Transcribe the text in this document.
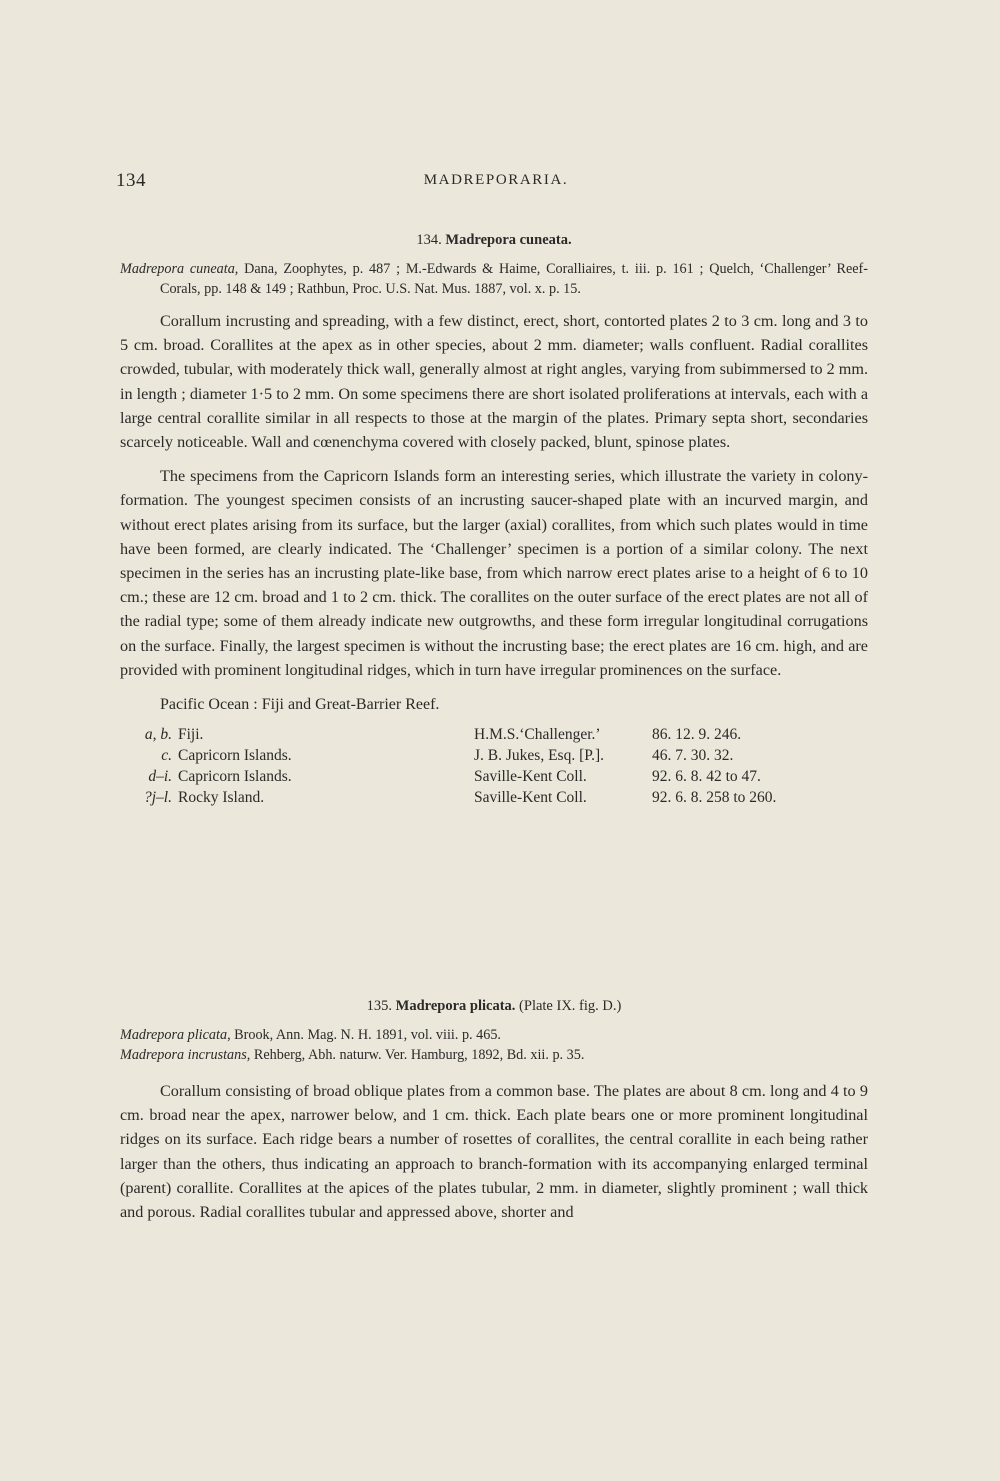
134	MADREPORARIA.

134. Madrepora cuneata.

Madrepora cuneata, Dana, Zoophytes, p. 487 ; M.-Edwards & Haime, Coralliaires, t. iii. p. 161 ; Quelch, ‘Challenger’ Reef-Corals, pp. 148 & 149 ; Rathbun, Proc. U.S. Nat. Mus. 1887, vol. x. p. 15.

Corallum incrusting and spreading, with a few distinct, erect, short, contorted plates 2 to 3 cm. long and 3 to 5 cm. broad. Corallites at the apex as in other species, about 2 mm. diameter; walls confluent. Radial corallites crowded, tubular, with moderately thick wall, generally almost at right angles, varying from subimmersed to 2 mm. in length ; diameter 1·5 to 2 mm. On some specimens there are short isolated proliferations at intervals, each with a large central corallite similar in all respects to those at the margin of the plates. Primary septa short, secondaries scarcely noticeable. Wall and cœnenchyma covered with closely packed, blunt, spinose plates.

The specimens from the Capricorn Islands form an interesting series, which illustrate the variety in colony-formation. The youngest specimen consists of an incrusting saucer-shaped plate with an incurved margin, and without erect plates arising from its surface, but the larger (axial) corallites, from which such plates would in time have been formed, are clearly indicated. The ‘Challenger’ specimen is a portion of a similar colony. The next specimen in the series has an incrusting plate-like base, from which narrow erect plates arise to a height of 6 to 10 cm.; these are 12 cm. broad and 1 to 2 cm. thick. The corallites on the outer surface of the erect plates are not all of the radial type; some of them already indicate new outgrowths, and these form irregular longitudinal corrugations on the surface. Finally, the largest specimen is without the incrusting base; the erect plates are 16 cm. high, and are provided with prominent longitudinal ridges, which in turn have irregular prominences on the surface.

Pacific Ocean : Fiji and Great-Barrier Reef.

a, b.	Fiji.	H.M.S.‘Challenger.’	86. 12. 9. 246.
c.	Capricorn Islands.	J. B. Jukes, Esq. [P.].	46. 7. 30. 32.
d–i.	Capricorn Islands.	Saville-Kent Coll.	92. 6. 8. 42 to 47.
?j–l.	Rocky Island.	Saville-Kent Coll.	92. 6. 8. 258 to 260.

135. Madrepora plicata. (Plate IX. fig. D.)

Madrepora plicata, Brook, Ann. Mag. N. H. 1891, vol. viii. p. 465.
Madrepora incrustans, Rehberg, Abh. naturw. Ver. Hamburg, 1892, Bd. xii. p. 35.

Corallum consisting of broad oblique plates from a common base. The plates are about 8 cm. long and 4 to 9 cm. broad near the apex, narrower below, and 1 cm. thick. Each plate bears one or more prominent longitudinal ridges on its surface. Each ridge bears a number of rosettes of corallites, the central corallite in each being rather larger than the others, thus indicating an approach to branch-formation with its accompanying enlarged terminal (parent) corallite. Corallites at the apices of the plates tubular, 2 mm. in diameter, slightly prominent ; wall thick and porous. Radial corallites tubular and appressed above, shorter and
